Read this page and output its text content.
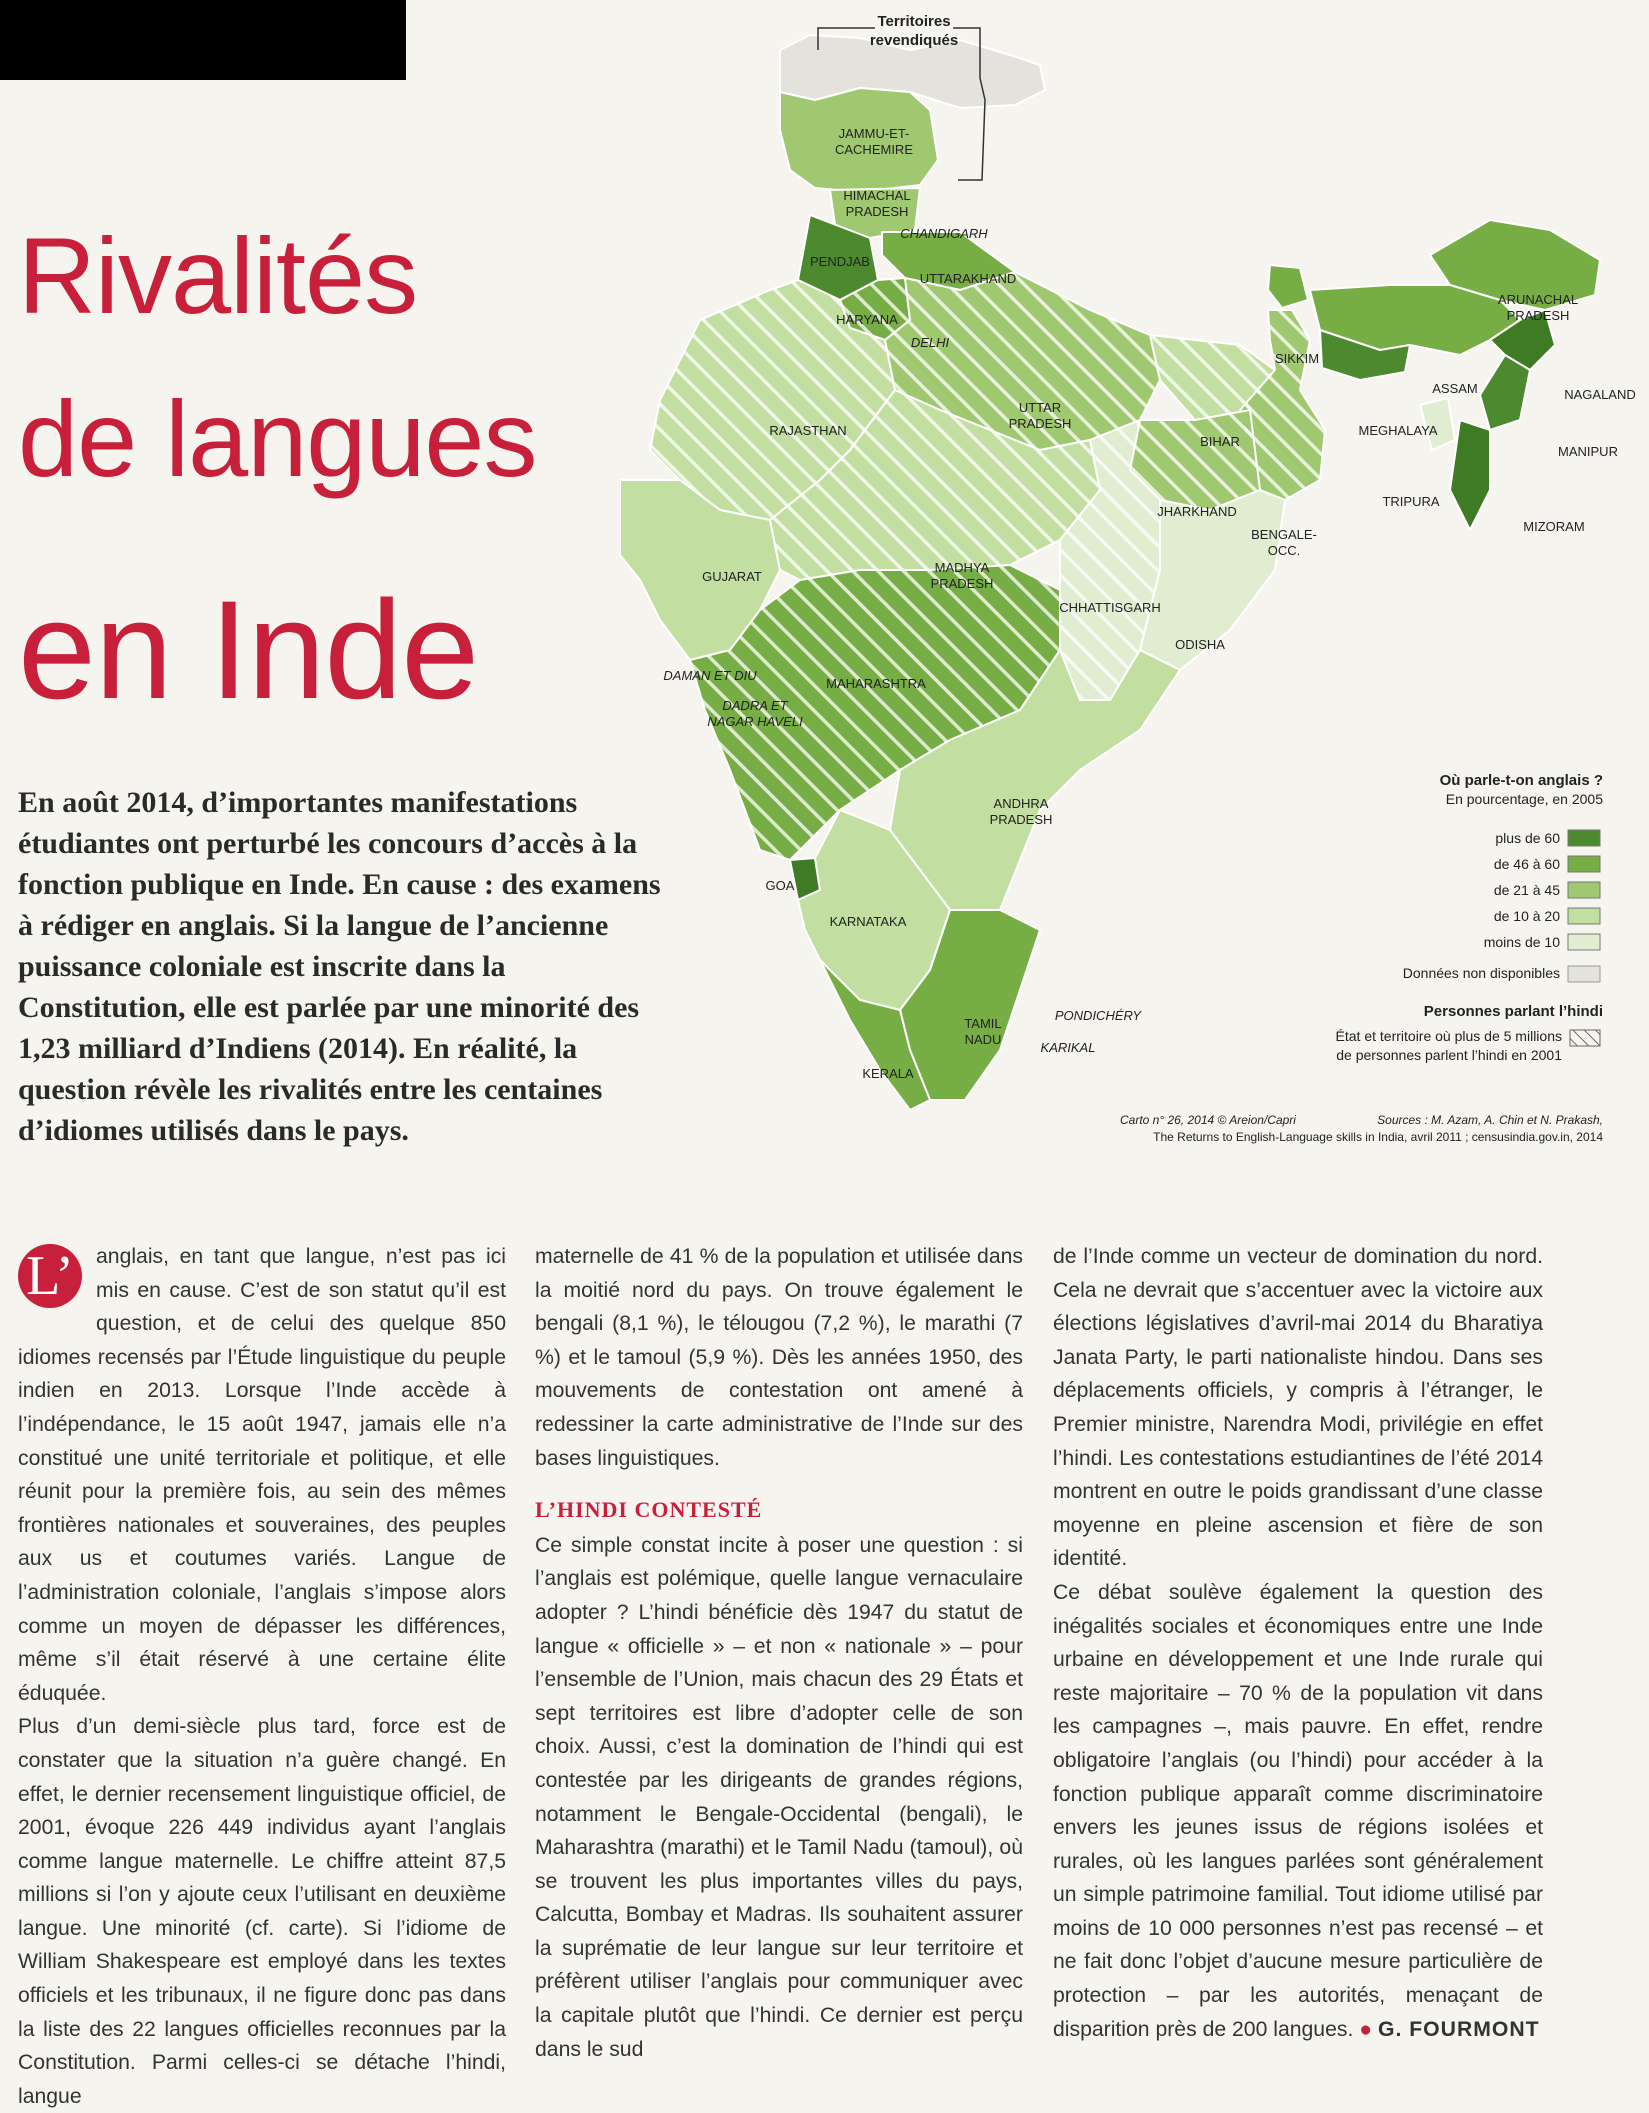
Rivalités
de langues
en Inde
En août 2014, d’importantes manifestations étudiantes ont perturbé les concours d’accès à la fonction publique en Inde. En cause : des examens à rédiger en anglais. Si la langue de l’ancienne puissance coloniale est inscrite dans la Constitution, elle est parlée par une minorité des 1,23 milliard d’Indiens (2014). En réalité, la question révèle les rivalités entre les centaines d’idiomes utilisés dans le pays.
Territoires
revendiqués
JAMMU-ET-
CACHEMIRE
HIMACHAL
PRADESH
CHANDIGARH
PENDJAB
UTTARAKHAND
HARYANA
DELHI
RAJASTHAN
UTTAR
PRADESH
BIHAR
SIKKIM
ARUNACHAL
PRADESH
ASSAM	NAGALAND
MEGHALAYA
MANIPUR
TRIPURA
MIZORAM
JHARKHAND
BENGALE-
OCC.
GUJARAT
MADHYA
PRADESH
CHHATTISGARH
ODISHA
DAMAN ET DIU
DADRA ET
NAGAR HAVELI
MAHARASHTRA
ANDHRA
PRADESH
GOA
KARNATAKA
PONDICHÉRY
TAMIL
NADU
KARIKAL
KERALA
Où parle-t-on anglais ?
En pourcentage, en 2005
plus de 60
de 46 à 60
de 21 à 45
de 10 à 20
moins de 10
Données non disponibles
Personnes parlant l’hindi
État et territoire où plus de 5 millions
de personnes parlent l’hindi en 2001
Carto n° 26, 2014 © Areion/Capri	Sources : M. Azam, A. Chin et N. Prakash,
The Returns to English-Language skills in India, avril 2011 ; censusindia.gov.in, 2014
L’	anglais, en tant que langue, n’est pas ici mis en cause. C’est de son statut qu’il est question, et de celui des quelque 850 idiomes recensés par l’Étude linguistique du peuple indien en 2013. Lorsque l’Inde accède à l’indépendance, le 15 août 1947, jamais elle n’a constitué une unité territoriale et politique, et elle réunit pour la première fois, au sein des mêmes frontières nationales et souveraines, des peuples aux us et coutumes variés. Langue de l’administration coloniale, l’anglais s’impose alors comme un moyen de dépasser les différences, même s’il était réservé à une certaine élite éduquée.

Plus d’un demi-siècle plus tard, force est de constater que la situation n’a guère changé. En effet, le dernier recensement linguistique officiel, de 2001, évoque 226 449 individus ayant l’anglais comme langue maternelle. Le chiffre atteint 87,5 millions si l’on y ajoute ceux l’utilisant en deuxième langue. Une minorité (cf. carte). Si l’idiome de William Shakespeare est employé dans les textes officiels et les tribunaux, il ne figure donc pas dans la liste des 22 langues officielles reconnues par la Constitution. Parmi celles-ci se détache l’hindi, langue

maternelle de 41 % de la population et utilisée dans la moitié nord du pays. On trouve également le bengali (8,1 %), le télougou (7,2 %), le marathi (7 %) et le tamoul (5,9 %). Dès les années 1950, des mouvements de contestation ont amené à redessiner la carte administrative de l’Inde sur des bases linguistiques.

L’HINDI CONTESTÉ

Ce simple constat incite à poser une question : si l’anglais est polémique, quelle langue vernaculaire adopter ? L’hindi bénéficie dès 1947 du statut de langue « officielle » – et non « nationale » – pour l’ensemble de l’Union, mais chacun des 29 États et sept territoires est libre d’adopter celle de son choix. Aussi, c’est la domination de l’hindi qui est contestée par les dirigeants de grandes régions, notamment le Bengale-Occidental (bengali), le Maharashtra (marathi) et le Tamil Nadu (tamoul), où se trouvent les plus importantes villes du pays, Calcutta, Bombay et Madras. Ils souhaitent assurer la suprématie de leur langue sur leur territoire et préfèrent utiliser l’anglais pour communiquer avec la capitale plutôt que l’hindi. Ce dernier est perçu dans le sud

de l’Inde comme un vecteur de domination du nord. Cela ne devrait que s’accentuer avec la victoire aux élections législatives d’avril-mai 2014 du Bharatiya Janata Party, le parti nationaliste hindou. Dans ses déplacements officiels, y compris à l’étranger, le Premier ministre, Narendra Modi, privilégie en effet l’hindi. Les contestations estudiantines de l’été 2014 montrent en outre le poids grandissant d’une classe moyenne en pleine ascension et fière de son identité.

Ce débat soulève également la question des inégalités sociales et économiques entre une Inde urbaine en développement et une Inde rurale qui reste majoritaire – 70 % de la population vit dans les campagnes –, mais pauvre. En effet, rendre obligatoire l’anglais (ou l’hindi) pour accéder à la fonction publique apparaît comme discriminatoire envers les jeunes issus de régions isolées et rurales, où les langues parlées sont généralement un simple patrimoine familial. Tout idiome utilisé par moins de 10 000 personnes n’est pas recensé – et ne fait donc l’objet d’aucune mesure particulière de protection – par les autorités, menaçant de disparition près de 200 langues. ● G. FOURMONT
